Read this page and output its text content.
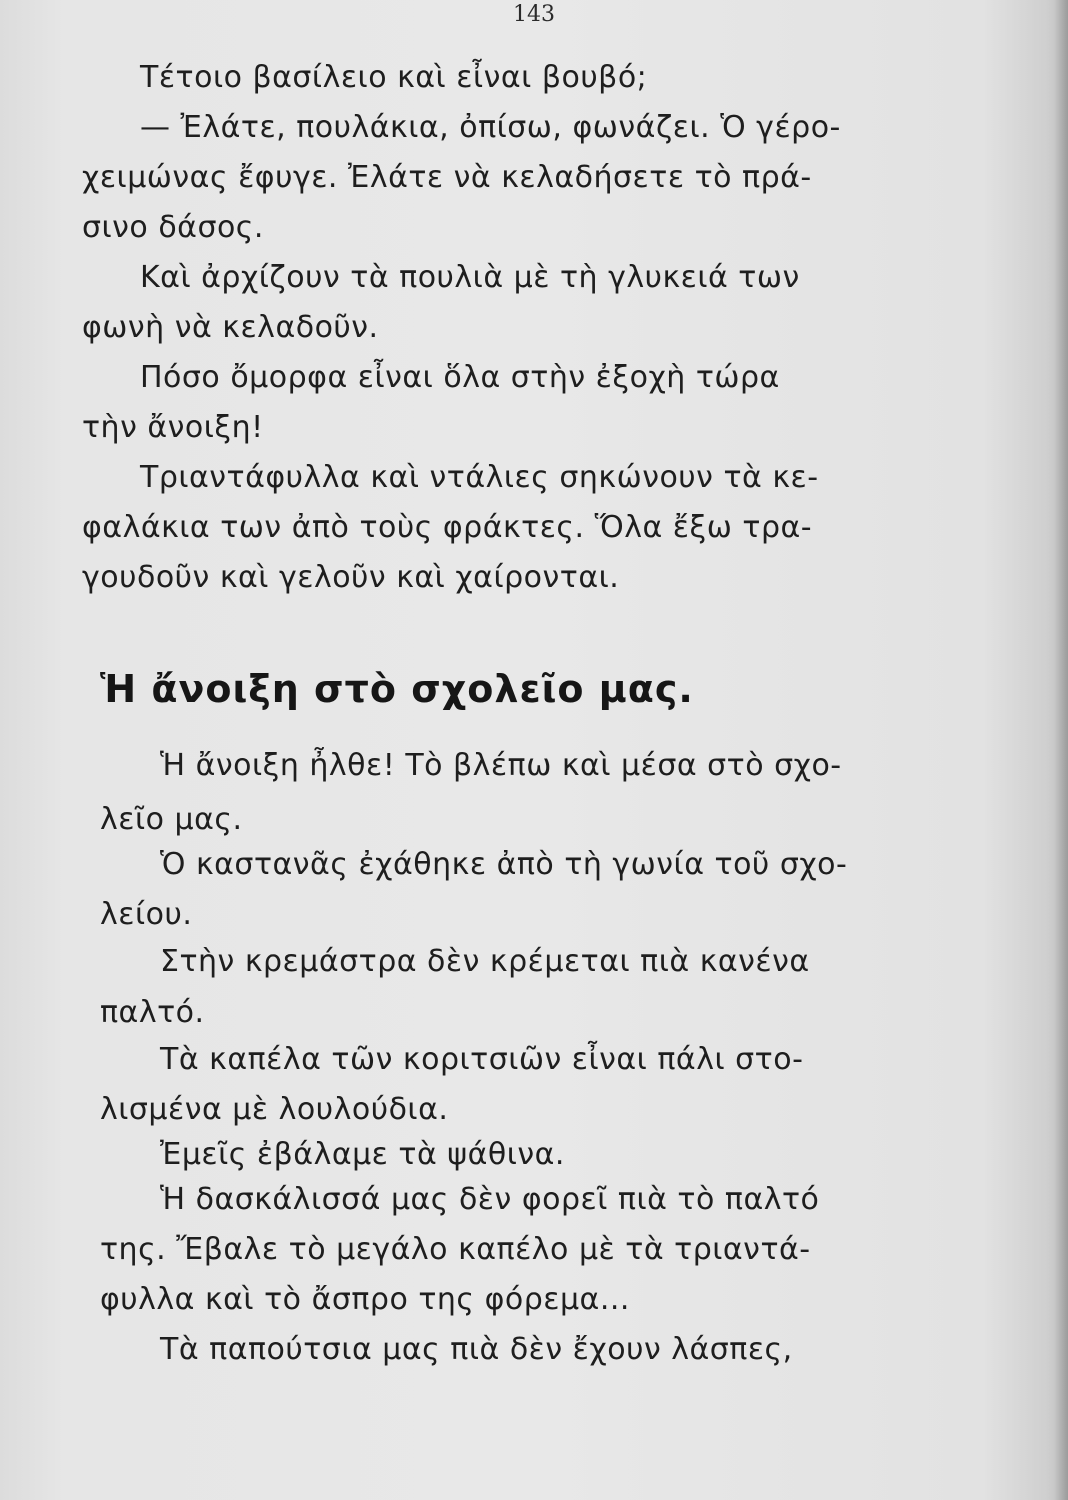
143

Τέτοιο βασίλειο καὶ εἶναι βουβό;

— Ἐλάτε, πουλάκια, ὀπίσω, φωνάζει. Ὁ γέρο-

χειμώνας ἔφυγε. Ἐλάτε νὰ κελαδήσετε τὸ πρά-

σινο δάσος.

Καὶ ἀρχίζουν τὰ πουλιὰ μὲ τὴ γλυκειά των

φωνὴ νὰ κελαδοῦν.

Πόσο ὄμορφα εἶναι ὅλα στὴν ἐξοχὴ τώρα

τὴν ἄνοιξη!

Τριαντάφυλλα καὶ ντάλιες σηκώνουν τὰ κε-

φαλάκια των ἀπὸ τοὺς φράκτες. Ὅλα ἔξω τρα-

γουδοῦν καὶ γελοῦν καὶ χαίρονται.

Ἡ ἄνοιξη στὸ σχολεῖο μας.

Ἡ ἄνοιξη ἦλθε! Τὸ βλέπω καὶ μέσα στὸ σχο-

λεῖο μας.

Ὁ καστανᾶς ἐχάθηκε ἀπὸ τὴ γωνία τοῦ σχο-

λείου.

Στὴν κρεμάστρα δὲν κρέμεται πιὰ κανένα

παλτό.

Τὰ καπέλα τῶν κοριτσιῶν εἶναι πάλι στο-

λισμένα μὲ λουλούδια.

Ἐμεῖς ἐβάλαμε τὰ ψάθινα.

Ἡ δασκάλισσά μας δὲν φορεῖ πιὰ τὸ παλτό

της. Ἔβαλε τὸ μεγάλο καπέλο μὲ τὰ τριαντά-

φυλλα καὶ τὸ ἄσπρο της φόρεμα...

Τὰ παπούτσια μας πιὰ δὲν ἔχουν λάσπες,
